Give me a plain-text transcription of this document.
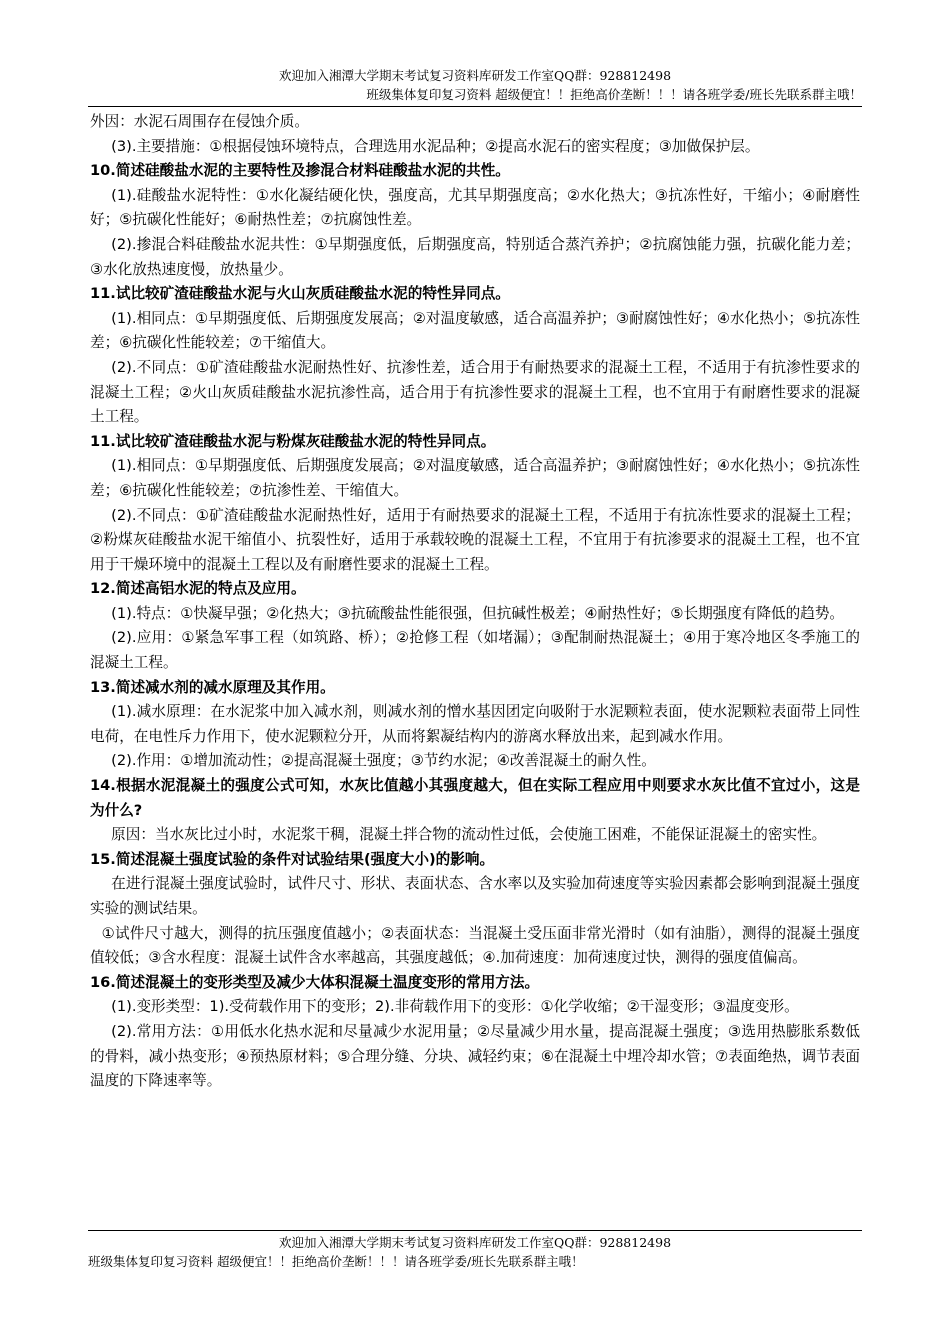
欢迎加入湘潭大学期末考试复习资料库研发工作室QQ群：928812498
班级集体复印复习资料 超级便宜！！拒绝高价垄断！！！请各班学委/班长先联系群主哦！

外因：水泥石周围存在侵蚀介质。

(3).主要措施：①根据侵蚀环境特点，合理选用水泥品种；②提高水泥石的密实程度；③加做保护层。

10.简述硅酸盐水泥的主要特性及掺混合材料硅酸盐水泥的共性。

(1).硅酸盐水泥特性：①水化凝结硬化快，强度高，尤其早期强度高；②水化热大；③抗冻性好，干缩小；④耐磨性好；⑤抗碳化性能好；⑥耐热性差；⑦抗腐蚀性差。

(2).掺混合料硅酸盐水泥共性：①早期强度低，后期强度高，特别适合蒸汽养护；②抗腐蚀能力强，抗碳化能力差；③水化放热速度慢，放热量少。

11.试比较矿渣硅酸盐水泥与火山灰质硅酸盐水泥的特性异同点。

(1).相同点：①早期强度低、后期强度发展高；②对温度敏感，适合高温养护；③耐腐蚀性好；④水化热小；⑤抗冻性差；⑥抗碳化性能较差；⑦干缩值大。

(2).不同点：①矿渣硅酸盐水泥耐热性好、抗渗性差，适合用于有耐热要求的混凝土工程，不适用于有抗渗性要求的混凝土工程；②火山灰质硅酸盐水泥抗渗性高，适合用于有抗渗性要求的混凝土工程，也不宜用于有耐磨性要求的混凝土工程。

11.试比较矿渣硅酸盐水泥与粉煤灰硅酸盐水泥的特性异同点。

(1).相同点：①早期强度低、后期强度发展高；②对温度敏感，适合高温养护；③耐腐蚀性好；④水化热小；⑤抗冻性差；⑥抗碳化性能较差；⑦抗渗性差、干缩值大。

(2).不同点：①矿渣硅酸盐水泥耐热性好，适用于有耐热要求的混凝土工程，不适用于有抗冻性要求的混凝土工程；②粉煤灰硅酸盐水泥干缩值小、抗裂性好，适用于承载较晚的混凝土工程，不宜用于有抗渗要求的混凝土工程，也不宜用于干燥环境中的混凝土工程以及有耐磨性要求的混凝土工程。

12.简述高铝水泥的特点及应用。

(1).特点：①快凝早强；②化热大；③抗硫酸盐性能很强，但抗碱性极差；④耐热性好；⑤长期强度有降低的趋势。

(2).应用：①紧急军事工程（如筑路、桥）；②抢修工程（如堵漏）；③配制耐热混凝土；④用于寒冷地区冬季施工的混凝土工程。

13.简述减水剂的减水原理及其作用。

(1).减水原理：在水泥浆中加入减水剂，则减水剂的憎水基因团定向吸附于水泥颗粒表面，使水泥颗粒表面带上同性电荷，在电性斥力作用下，使水泥颗粒分开，从而将絮凝结构内的游离水释放出来，起到减水作用。

(2).作用：①增加流动性；②提高混凝土强度；③节约水泥；④改善混凝土的耐久性。

14.根据水泥混凝土的强度公式可知，水灰比值越小其强度越大，但在实际工程应用中则要求水灰比值不宜过小，这是为什么?

原因：当水灰比过小时，水泥浆干稠，混凝土拌合物的流动性过低，会使施工困难，不能保证混凝土的密实性。

15.简述混凝土强度试验的条件对试验结果(强度大小)的影响。

在进行混凝土强度试验时，试件尺寸、形状、表面状态、含水率以及实验加荷速度等实验因素都会影响到混凝土强度实验的测试结果。

①试件尺寸越大，测得的抗压强度值越小；②表面状态：当混凝土受压面非常光滑时（如有油脂），测得的混凝土强度值较低；③含水程度：混凝土试件含水率越高，其强度越低；④.加荷速度：加荷速度过快，测得的强度值偏高。

16.简述混凝土的变形类型及减少大体积混凝土温度变形的常用方法。

(1).变形类型：1).受荷载作用下的变形；2).非荷载作用下的变形：①化学收缩；②干湿变形；③温度变形。

(2).常用方法：①用低水化热水泥和尽量减少水泥用量；②尽量减少用水量，提高混凝土强度；③选用热膨胀系数低的骨料，减小热变形；④预热原材料；⑤合理分缝、分块、减轻约束；⑥在混凝土中埋冷却水管；⑦表面绝热，调节表面温度的下降速率等。

欢迎加入湘潭大学期末考试复习资料库研发工作室QQ群：928812498
班级集体复印复习资料 超级便宜！！拒绝高价垄断！！！请各班学委/班长先联系群主哦！
